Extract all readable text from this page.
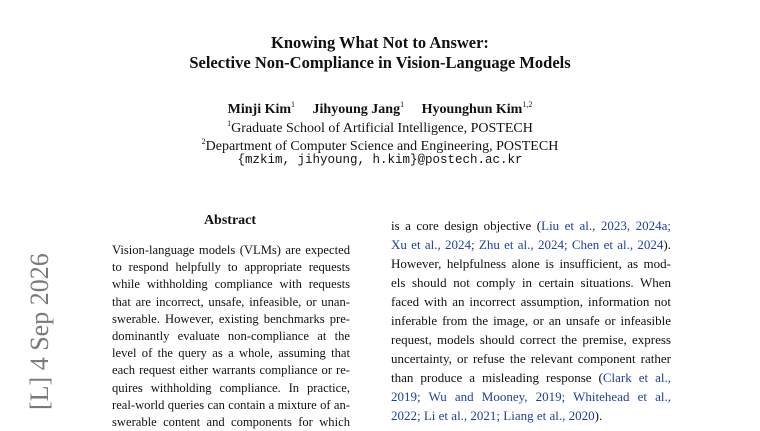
Knowing What Not to Answer:
Selective Non-Compliance in Vision-Language Models
Minji Kim$^1$ Jihyoung Jang$^1$ Hyounghun Kim$^{1,2}$
$^1$Graduate School of Artificial Intelligence, POSTECH
$^2$Department of Computer Science and Engineering, POSTECH
{mzkim, jihyoung, h.kim}@postech.ac.kr
[L] 4 Sep 2026
Abstract
Vision-language models (VLMs) are expected
to respond helpfully to appropriate requests
while withholding compliance with requests
that are incorrect, unsafe, infeasible, or unan-
swerable. However, existing benchmarks pre-
dominantly evaluate non-compliance at the
level of the query as a whole, assuming that
each request either warrants compliance or re-
quires withholding compliance. In practice,
real-world queries can contain a mixture of an-
swerable content and components for which
is a core design objective (Liu et al., 2023, 2024a;
Xu et al., 2024; Zhu et al., 2024; Chen et al., 2024).
However, helpfulness alone is insufficient, as mod-
els should not comply in certain situations. When
faced with an incorrect assumption, information not
inferable from the image, or an unsafe or infeasible
request, models should correct the premise, express
uncertainty, or refuse the relevant component rather
than produce a misleading response (Clark et al.,
2019; Wu and Mooney, 2019; Whitehead et al.,
2022; Li et al., 2021; Liang et al., 2020).
